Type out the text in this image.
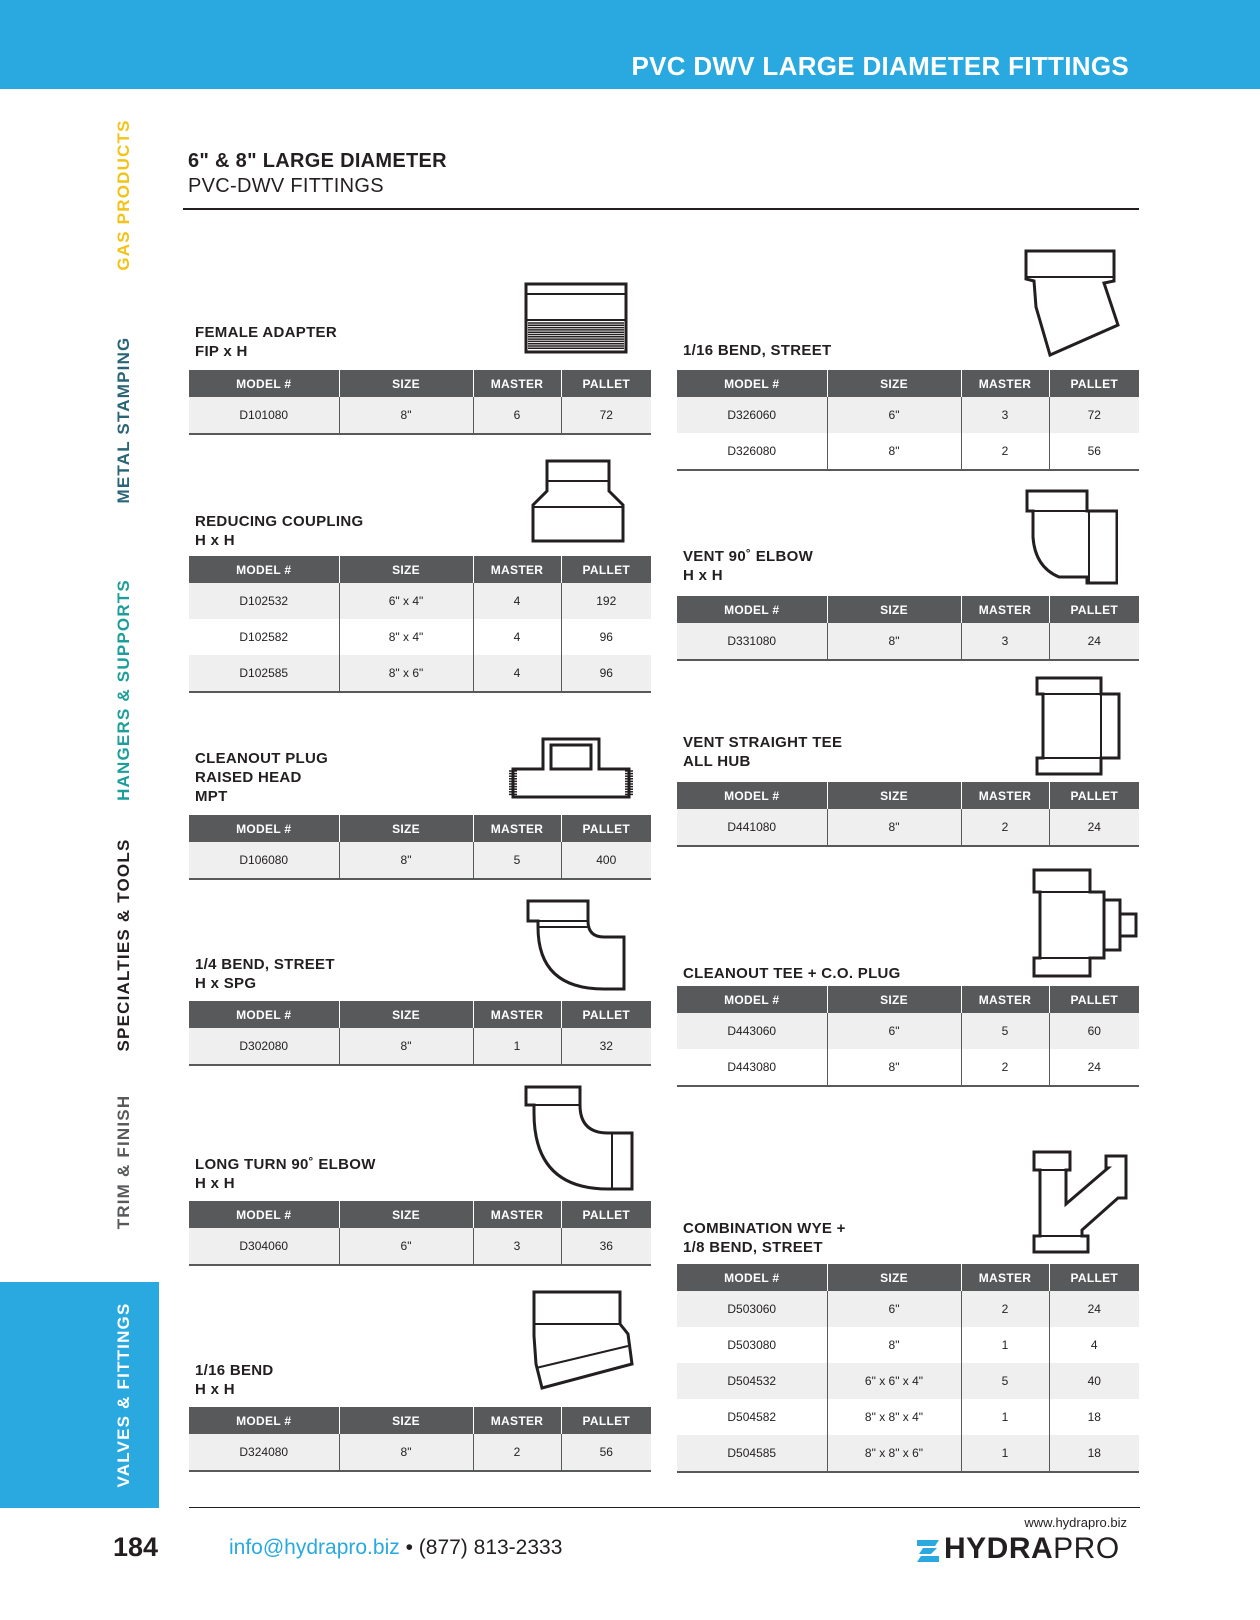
PVC DWV LARGE DIAMETER FITTINGS
GAS PRODUCTS
METAL STAMPING
HANGERS & SUPPORTS
SPECIALTIES & TOOLS
TRIM & FINISH
VALVES & FITTINGS
6" & 8" LARGE DIAMETER
PVC-DWV FITTINGS
FEMALE ADAPTER
FIP x H
MODEL #	SIZE	MASTER	PALLET
D101080	8"	6	72
REDUCING COUPLING
H x H
MODEL #	SIZE	MASTER	PALLET
D102532	6" x 4"	4	192
D102582	8" x 4"	4	96
D102585	8" x 6"	4	96
CLEANOUT PLUG
RAISED HEAD
MPT
MODEL #	SIZE	MASTER	PALLET
D106080	8"	5	400
1/4 BEND, STREET
H x SPG
MODEL #	SIZE	MASTER	PALLET
D302080	8"	1	32
LONG TURN 90˚ ELBOW
H x H
MODEL #	SIZE	MASTER	PALLET
D304060	6"	3	36
1/16 BEND
H x H
MODEL #	SIZE	MASTER	PALLET
D324080	8"	2	56
1/16 BEND, STREET
MODEL #	SIZE	MASTER	PALLET
D326060	6"	3	72
D326080	8"	2	56
VENT 90˚ ELBOW
H x H
MODEL #	SIZE	MASTER	PALLET
D331080	8"	3	24
VENT STRAIGHT TEE
ALL HUB
MODEL #	SIZE	MASTER	PALLET
D441080	8"	2	24
CLEANOUT TEE + C.O. PLUG
MODEL #	SIZE	MASTER	PALLET
D443060	6"	5	60
D443080	8"	2	24
COMBINATION WYE +
1/8 BEND, STREET
MODEL #	SIZE	MASTER	PALLET
D503060	6"	2	24
D503080	8"	1	4
D504532	6" x 6" x 4"	5	40
D504582	8" x 8" x 4"	1	18
D504585	8" x 8" x 6"	1	18
184	info@hydrapro.biz • (877) 813-2333
www.hydrapro.biz
HYDRAPRO
